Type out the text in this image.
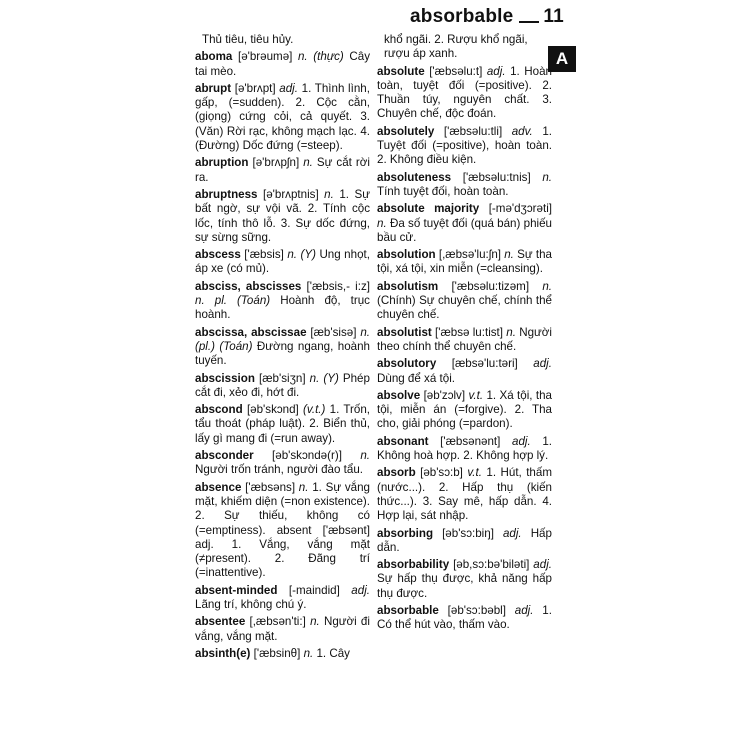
absorbable 11
A
Thủ tiêu, tiêu hủy.
aboma [ə'brəumə] n. (thực) Cây tai mèo.
abrupt [ə'brʌpt] adj. 1. Thình lình, gấp, (=sudden). 2. Cộc cằn, (giọng) cứng cỏi, cả quyết. 3. (Văn) Rời rạc, không mạch lạc. 4. (Đường) Dốc đứng (=steep).
abruption [ə'brʌpʃn] n. Sự cắt rời ra.
abruptness [ə'brʌptnis] n. 1. Sự bất ngờ, sự vội vã. 2. Tính cộc lốc, tính thô lỗ. 3. Sự dốc đứng, sự sừng sững.
abscess ['æbsis] n. (Y) Ung nhọt, áp xe (có mủ).
absciss, abscisses ['æbsis,- i:z] n. pl. (Toán) Hoành độ, trục hoành.
abscissa, abscissae [æb'sisə] n. (pl.) (Toán) Đường ngang, hoành tuyến.
abscission [æb'siʒn] n. (Y) Phép cắt đi, xẻo đi, hớt đi.
abscond [əb'skɔnd] (v.t.) 1. Trốn, tẩu thoát (pháp luật). 2. Biển thủ, lấy gì mang đi (=run away).
absconder [əb'skɔndə(r)] n. Người trốn tránh, người đào tẩu.
absence ['æbsəns] n. 1. Sự vắng mặt, khiếm diện (=non existence). 2. Sự thiếu, không có (=emptiness). absent ['æbsənt] adj. 1. Vắng, vắng mặt (≠present). 2. Đãng trí (=inattentive).
absent-minded [-maindid] adj. Lãng trí, không chú ý.
absentee [,æbsən'ti:] n. Người đi vắng, vắng mặt.
absinth(e) ['æbsinθ] n. 1. Cây
khổ ngãi. 2. Rượu khổ ngãi, rượu áp xanh.
absolute ['æbsəlu:t] adj. 1. Hoàn toàn, tuyệt đối (=positive). 2. Thuần túy, nguyên chất. 3. Chuyên chế, độc đoán.
absolutely ['æbsəlu:tli] adv. 1. Tuyệt đối (=positive), hoàn toàn. 2. Không điều kiện.
absoluteness ['æbsəlu:tnis] n. Tính tuyệt đối, hoàn toàn.
absolute majority [-mə'dʒɔrəti] n. Đa số tuyệt đối (quá bán) phiếu bầu cử.
absolution [,æbsə'lu:ʃn] n. Sự tha tội, xá tội, xin miễn (=cleansing).
absolutism ['æbsəlu:tizəm] n. (Chính) Sự chuyên chế, chính thể chuyên chế.
absolutist ['æbsə lu:tist] n. Người theo chính thể chuyên chế.
absolutory [æbsə'lu:təri] adj. Dùng để xá tội.
absolve [əb'zɔlv] v.t. 1. Xá tội, tha tội, miễn án (=forgive). 2. Tha cho, giải phóng (=pardon).
absonant ['æbsənənt] adj. 1. Không hoà hợp. 2. Không hợp lý.
absorb [əb'sɔ:b] v.t. 1. Hút, thấm (nước...). 2. Hấp thụ (kiến thức...). 3. Say mê, hấp dẫn. 4. Hợp lại, sát nhập.
absorbing [əb'sɔ:biŋ] adj. Hấp dẫn.
absorbability [əb,sɔ:bə'biləti] adj. Sự hấp thụ được, khả năng hấp thụ được.
absorbable [əb'sɔ:bəbl] adj. 1. Có thể hút vào, thấm vào.
